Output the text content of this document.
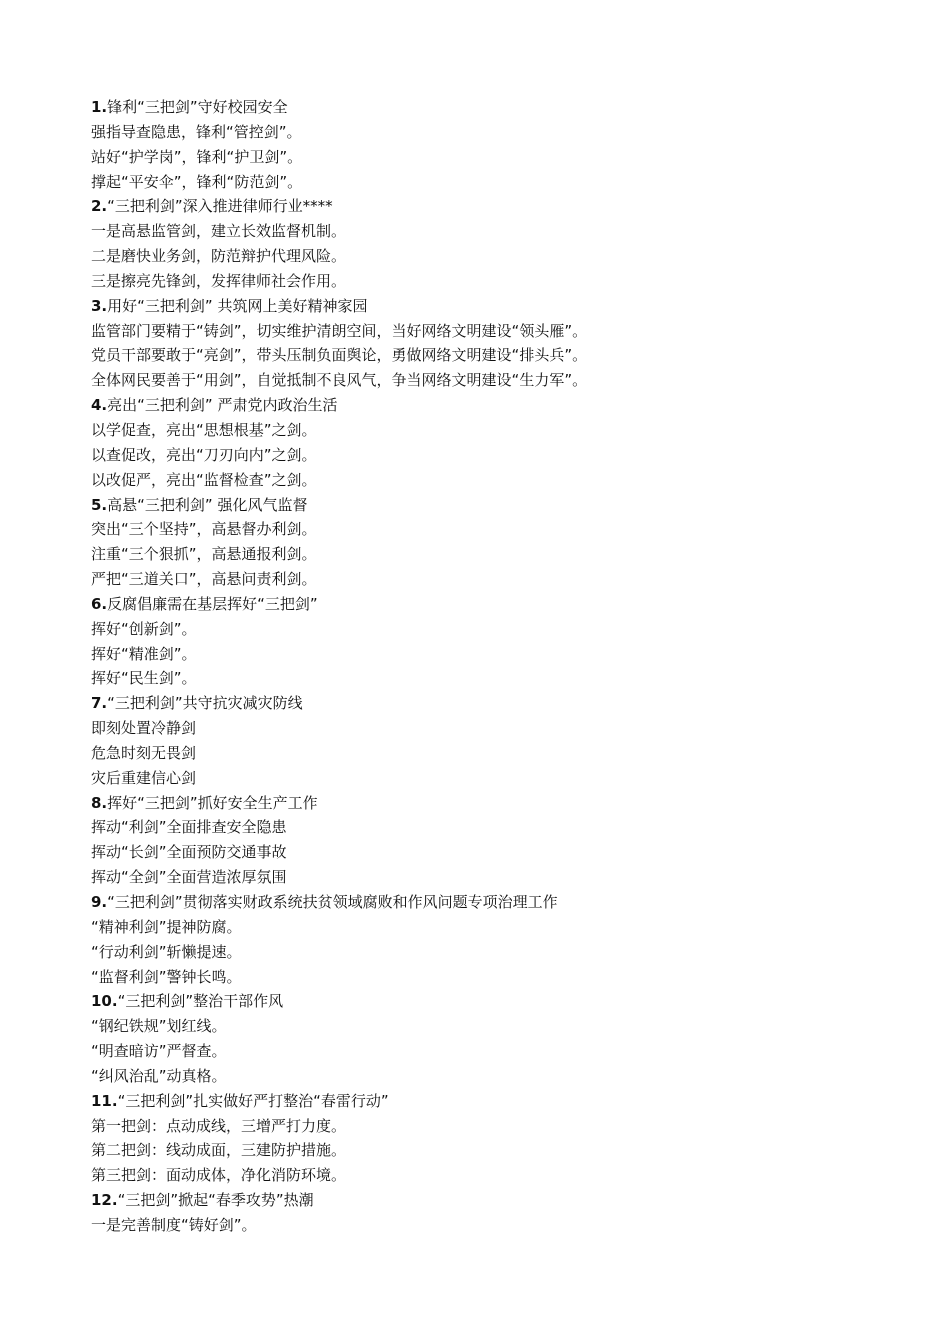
1.锋利“三把剑”守好校园安全
强指导查隐患，锋利“管控剑”。
站好“护学岗”，锋利“护卫剑”。
撑起“平安伞”，锋利“防范剑”。
2.“三把利剑”深入推进律师行业****
一是高悬监管剑，建立长效监督机制。
二是磨快业务剑，防范辩护代理风险。
三是擦亮先锋剑，发挥律师社会作用。
3.用好“三把利剑” 共筑网上美好精神家园
监管部门要精于“铸剑”，切实维护清朗空间，当好网络文明建设“领头雁”。
党员干部要敢于“亮剑”，带头压制负面舆论，勇做网络文明建设“排头兵”。
全体网民要善于“用剑”，自觉抵制不良风气，争当网络文明建设“生力军”。
4.亮出“三把利剑” 严肃党内政治生活
以学促查，亮出“思想根基”之剑。
以查促改，亮出“刀刃向内”之剑。
以改促严，亮出“监督检查”之剑。
5.高悬“三把利剑” 强化风气监督
突出“三个坚持”，高悬督办利剑。
注重“三个狠抓”，高悬通报利剑。
严把“三道关口”，高悬问责利剑。
6.反腐倡廉需在基层挥好“三把剑”
挥好“创新剑”。
挥好“精准剑”。
挥好“民生剑”。
7.“三把利剑”共守抗灾减灾防线
即刻处置冷静剑
危急时刻无畏剑
灾后重建信心剑
8.挥好“三把剑”抓好安全生产工作
挥动“利剑”全面排查安全隐患
挥动“长剑”全面预防交通事故
挥动“全剑”全面营造浓厚氛围
9.“三把利剑”贯彻落实财政系统扶贫领域腐败和作风问题专项治理工作
“精神利剑”提神防腐。
“行动利剑”斩懒提速。
“监督利剑”警钟长鸣。
10.“三把利剑”整治干部作风
“钢纪铁规”划红线。
“明查暗访”严督查。
“纠风治乱”动真格。
11.“三把利剑”扎实做好严打整治“春雷行动”
第一把剑：点动成线，三增严打力度。
第二把剑：线动成面，三建防护措施。
第三把剑：面动成体，净化消防环境。
12.“三把剑”掀起“春季攻势”热潮
一是完善制度“铸好剑”。
